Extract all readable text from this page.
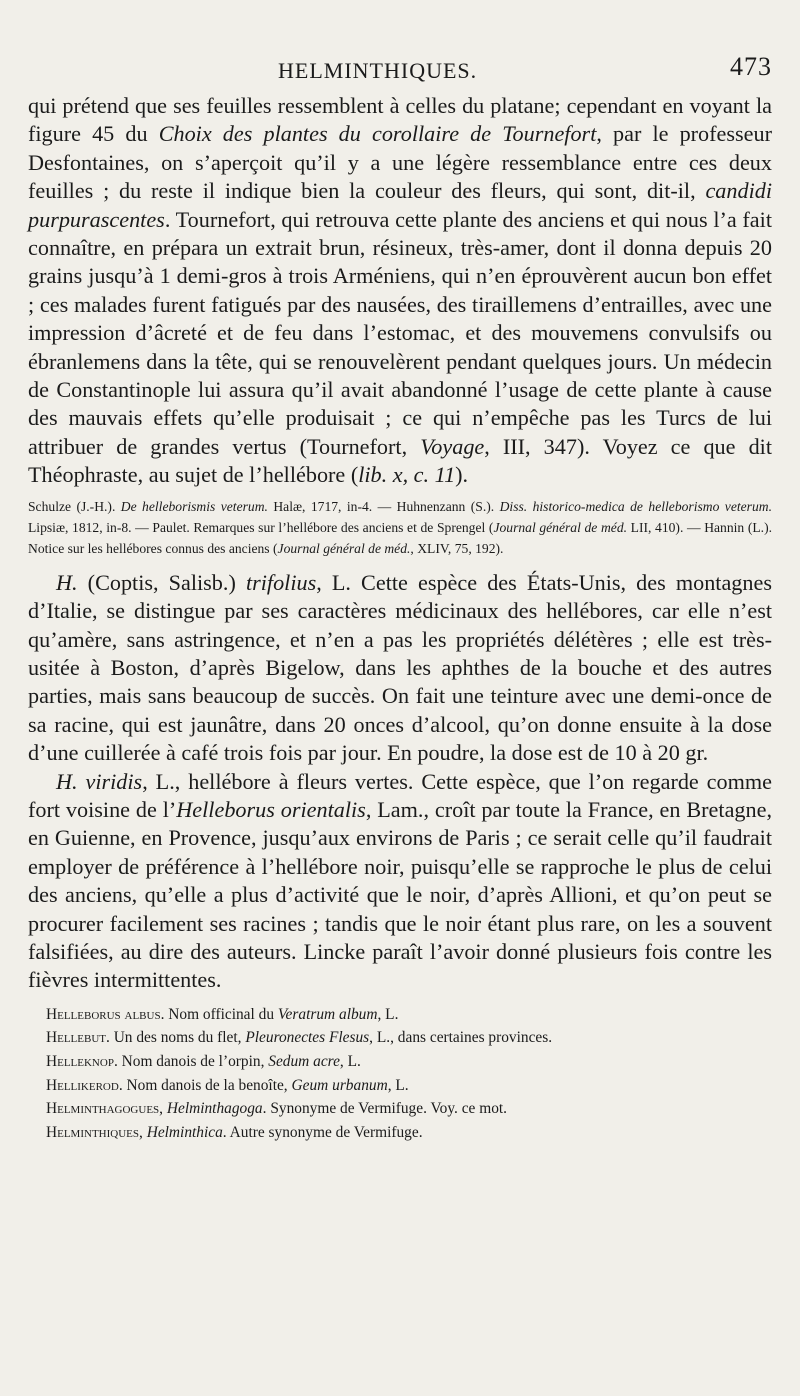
HELMINTHIQUES.	473

qui prétend que ses feuilles ressemblent à celles du platane; cependant en voyant la figure 45 du Choix des plantes du corollaire de Tournefort, par le professeur Desfontaines, on s’aperçoit qu’il y a une légère ressemblance entre ces deux feuilles ; du reste il indique bien la couleur des fleurs, qui sont, dit-il, candidi purpurascentes. Tournefort, qui retrouva cette plante des anciens et qui nous l’a fait connaître, en prépara un extrait brun, résineux, très-amer, dont il donna depuis 20 grains jusqu’à 1 demi-gros à trois Arméniens, qui n’en éprouvèrent aucun bon effet ; ces malades furent fatigués par des nausées, des tiraillemens d’entrailles, avec une impression d’âcreté et de feu dans l’estomac, et des mouvemens convulsifs ou ébranlemens dans la tête, qui se renouvelèrent pendant quelques jours. Un médecin de Constantinople lui assura qu’il avait abandonné l’usage de cette plante à cause des mauvais effets qu’elle produisait ; ce qui n’empêche pas les Turcs de lui attribuer de grandes vertus (Tournefort, Voyage, III, 347). Voyez ce que dit Théophraste, au sujet de l’hellébore (lib. x, c. 11).

Schulze (J.-H.). De helleborismis veterum. Halæ, 1717, in-4. — Huhnenzann (S.). Diss. historico-medica de helleborismo veterum. Lipsiæ, 1812, in-8. — Paulet. Remarques sur l’hellébore des anciens et de Sprengel (Journal général de méd. LII, 410). — Hannin (L.). Notice sur les hellébores connus des anciens (Journal général de méd., XLIV, 75, 192).

H. (Coptis, Salisb.) trifolius, L. Cette espèce des États-Unis, des montagnes d’Italie, se distingue par ses caractères médicinaux des hellébores, car elle n’est qu’amère, sans astringence, et n’en a pas les propriétés délétères ; elle est très-usitée à Boston, d’après Bigelow, dans les aphthes de la bouche et des autres parties, mais sans beaucoup de succès. On fait une teinture avec une demi-once de sa racine, qui est jaunâtre, dans 20 onces d’alcool, qu’on donne ensuite à la dose d’une cuillerée à café trois fois par jour. En poudre, la dose est de 10 à 20 gr.

H. viridis, L., hellébore à fleurs vertes. Cette espèce, que l’on regarde comme fort voisine de l’Helleborus orientalis, Lam., croît par toute la France, en Bretagne, en Guienne, en Provence, jusqu’aux environs de Paris ; ce serait celle qu’il faudrait employer de préférence à l’hellébore noir, puisqu’elle se rapproche le plus de celui des anciens, qu’elle a plus d’activité que le noir, d’après Allioni, et qu’on peut se procurer facilement ses racines ; tandis que le noir étant plus rare, on les a souvent falsifiées, au dire des auteurs. Lincke paraît l’avoir donné plusieurs fois contre les fièvres intermittentes.

Helleborus albus. Nom officinal du Veratrum album, L.

Hellebut. Un des noms du flet, Pleuronectes Flesus, L., dans certaines provinces.

Helleknop. Nom danois de l’orpin, Sedum acre, L.

Hellikerod. Nom danois de la benoîte, Geum urbanum, L.

Helminthagogues, Helminthagoga. Synonyme de Vermifuge. Voy. ce mot.

Helminthiques, Helminthica. Autre synonyme de Vermifuge.
